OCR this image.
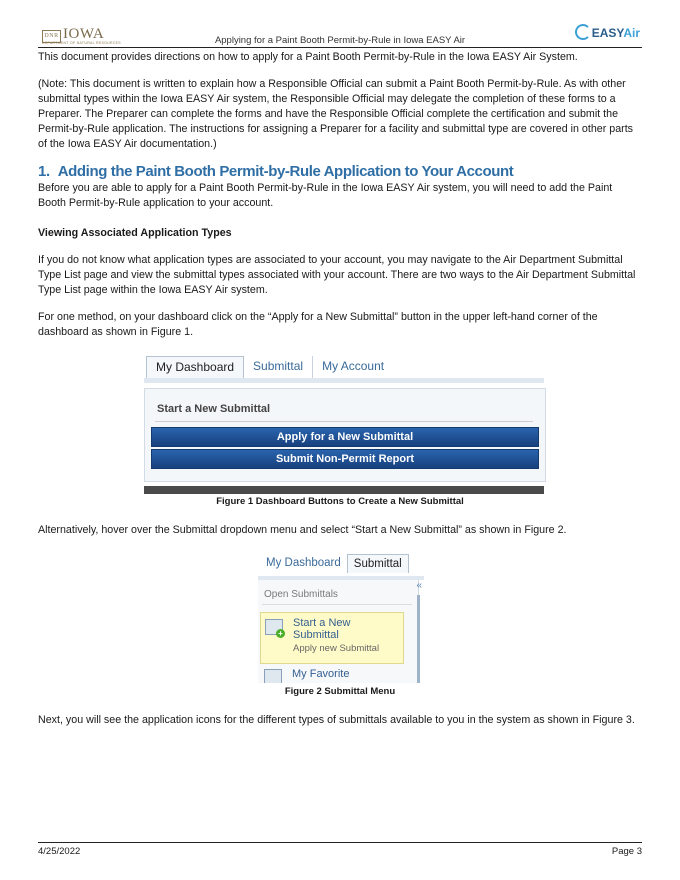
DNR IOWA
DEPARTMENT OF NATURAL RESOURCES	Applying for a Paint Booth Permit-by-Rule in Iowa EASY Air
EASYAir

This document provides directions on how to apply for a Paint Booth Permit-by-Rule in the Iowa EASY Air System.

(Note: This document is written to explain how a Responsible Official can submit a Paint Booth Permit-by-Rule. As with other submittal types within the Iowa EASY Air system, the Responsible Official may delegate the completion of these forms to a Preparer. The Preparer can complete the forms and have the Responsible Official complete the certification and submit the Permit-by-Rule application. The instructions for assigning a Preparer for a facility and submittal type are covered in other parts of the Iowa EASY Air documentation.)

1. Adding the Paint Booth Permit-by-Rule Application to Your Account

Before you are able to apply for a Paint Booth Permit-by-Rule in the Iowa EASY Air system, you will need to add the Paint Booth Permit-by-Rule application to your account.

Viewing Associated Application Types

If you do not know what application types are associated to your account, you may navigate to the Air Department Submittal Type List page and view the submittal types associated with your account. There are two ways to the Air Department Submittal Type List page within the Iowa EASY Air system.

For one method, on your dashboard click on the “Apply for a New Submittal” button in the upper left-hand corner of the dashboard as shown in Figure 1.

My Dashboard	Submittal	My Account
Start a New Submittal
Apply for a New Submittal
Submit Non-Permit Report
Figure 1 Dashboard Buttons to Create a New Submittal

Alternatively, hover over the Submittal dropdown menu and select “Start a New Submittal” as shown in Figure 2.

My Dashboard	Submittal
Open Submittals
+
Start a New Submittal
Apply new Submittal
My Favorite
«
Figure 2 Submittal Menu

Next, you will see the application icons for the different types of submittals available to you in the system as shown in Figure 3.

4/25/2022	Page 3
